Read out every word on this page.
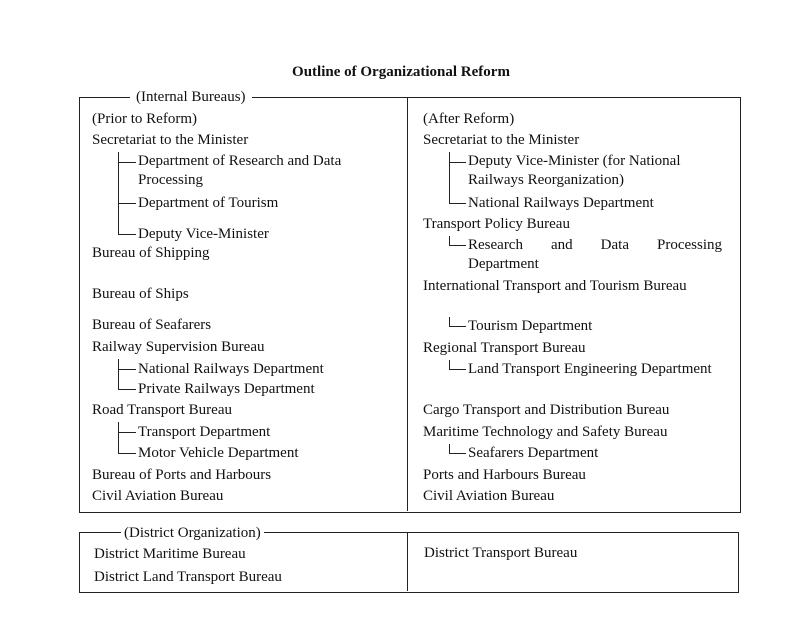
Outline of Organizational Reform
(Internal Bureaus)
(Prior to Reform)
Secretariat to the Minister
Department of Research and Data Processing
Department of Tourism
Deputy Vice-Minister
Bureau of Shipping
Bureau of Ships
Bureau of Seafarers
Railway Supervision Bureau
National Railways Department
Private Railways Department
Road Transport Bureau
Transport Department
Motor Vehicle Department
Bureau of Ports and Harbours
Civil Aviation Bureau
(After Reform)
Secretariat to the Minister
Deputy Vice-Minister (for National Railways Reorganization)
National Railways Department
Transport Policy Bureau
Research and Data Processing Department
International Transport and Tourism Bureau
Tourism Department
Regional Transport Bureau
Land Transport Engineering Department
Cargo Transport and Distribution Bureau
Maritime Technology and Safety Bureau
Seafarers Department
Ports and Harbours Bureau
Civil Aviation Bureau
(District Organization)
District Maritime Bureau
District Land Transport Bureau
District Transport Bureau
